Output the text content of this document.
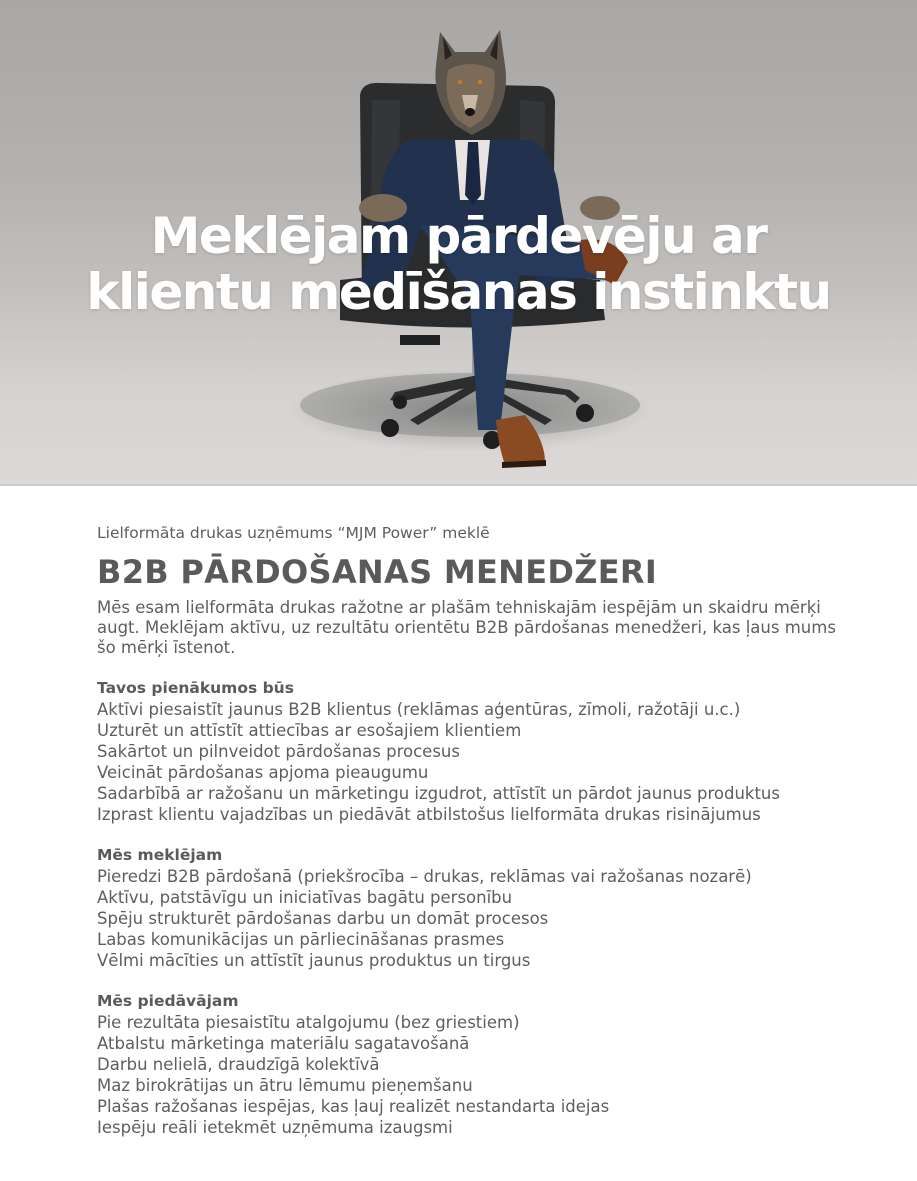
Meklējam pārdevēju ar
klientu medīšanas instinktu

Lielformāta drukas uzņēmums “MJM Power” meklē

B2B PĀRDOŠANAS MENEDŽERI

Mēs esam lielformāta drukas ražotne ar plašām tehniskajām iespējām un skaidru mērķi augt. Meklējam aktīvu, uz rezultātu orientētu B2B pārdošanas menedžeri, kas ļaus mums šo mērķi īstenot.

Tavos pienākumos būs
Aktīvi piesaistīt jaunus B2B klientus (reklāmas aģentūras, zīmoli, ražotāji u.c.)
Uzturēt un attīstīt attiecības ar esošajiem klientiem
Sakārtot un pilnveidot pārdošanas procesus
Veicināt pārdošanas apjoma pieaugumu
Sadarbībā ar ražošanu un mārketingu izgudrot, attīstīt un pārdot jaunus produktus
Izprast klientu vajadzības un piedāvāt atbilstošus lielformāta drukas risinājumus
Mēs meklējam
Pieredzi B2B pārdošanā (priekšrocība – drukas, reklāmas vai ražošanas nozarē)
Aktīvu, patstāvīgu un iniciatīvas bagātu personību
Spēju strukturēt pārdošanas darbu un domāt procesos
Labas komunikācijas un pārliecināšanas prasmes
Vēlmi mācīties un attīstīt jaunus produktus un tirgus
Mēs piedāvājam
Pie rezultāta piesaistītu atalgojumu (bez griestiem)
Atbalstu mārketinga materiālu sagatavošanā
Darbu nelielā, draudzīgā kolektīvā
Maz birokrātijas un ātru lēmumu pieņemšanu
Plašas ražošanas iespējas, kas ļauj realizēt nestandarta idejas
Iespēju reāli ietekmēt uzņēmuma izaugsmi
